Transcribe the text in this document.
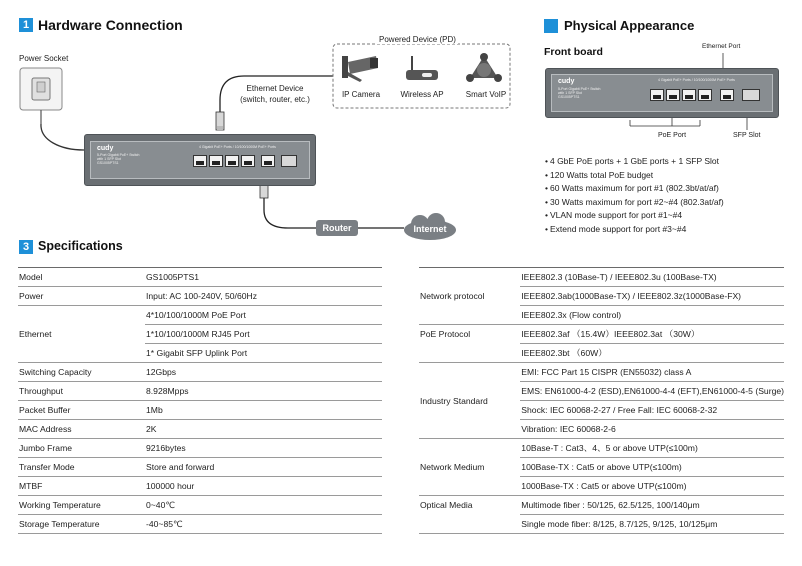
1 Hardware Connection
Power Socket
Powered Device (PD)
IP Camera	Wireless AP	Smart VoIP
Ethernet Device
(switch, router, etc.)
cudy
5-Port Gigabit PoE+ Switch
with 1 SFP Slot
GS1005PTS1
4 Gigabit PoE+ Ports / 10/100/1000M PoE+ Ports
Router	Internet
Physical Appearance
Front board	Ethernet Port
cudy
5-Port Gigabit PoE+ Switch
with 1 SFP Slot
GS1005PTS1
4 Gigabit PoE+ Ports / 10/100/1000M PoE+ Ports
PoE Port	SFP Slot
• 4 GbE PoE ports + 1 GbE ports + 1 SFP Slot
• 120 Watts total PoE budget
• 60 Watts maximum for port #1 (802.3bt/at/af)
• 30 Watts maximum for port #2~#4 (802.3at/af)
• VLAN mode support for port #1~#4
• Extend mode support for port #3~#4
3 Specifications
Model	GS1005PTS1
Power	Input: AC 100-240V, 50/60Hz
Ethernet	4*10/100/1000M PoE Port
	1*10/100/1000M RJ45 Port
	1* Gigabit SFP Uplink Port
Switching Capacity	12Gbps
Throughput	8.928Mpps
Packet Buffer	1Mb
MAC Address	2K
Jumbo Frame	9216bytes
Transfer Mode	Store and forward
MTBF	100000 hour
Working Temperature	0~40℃
Storage Temperature	-40~85℃
Network protocol	IEEE802.3 (10Base-T) / IEEE802.3u (100Base-TX)
	IEEE802.3ab(1000Base-TX) / IEEE802.3z(1000Base-FX)
	IEEE802.3x (Flow control)
PoE Protocol	IEEE802.3af （15.4W）IEEE802.3at （30W）
	IEEE802.3bt （60W）
Industry Standard	EMI: FCC Part 15 CISPR (EN55032) class A
	EMS: EN61000-4-2 (ESD),EN61000-4-4 (EFT),EN61000-4-5 (Surge)
	Shock: IEC 60068-2-27 / Free Fall: IEC 60068-2-32
	Vibration: IEC 60068-2-6
Network Medium	10Base-T : Cat3、4、5 or above UTP(≤100m)
	100Base-TX : Cat5 or above UTP(≤100m)
	1000Base-TX : Cat5 or above UTP(≤100m)
Optical Media	Multimode fiber : 50/125, 62.5/125, 100/140μm
	Single mode fiber: 8/125, 8.7/125, 9/125, 10/125μm
